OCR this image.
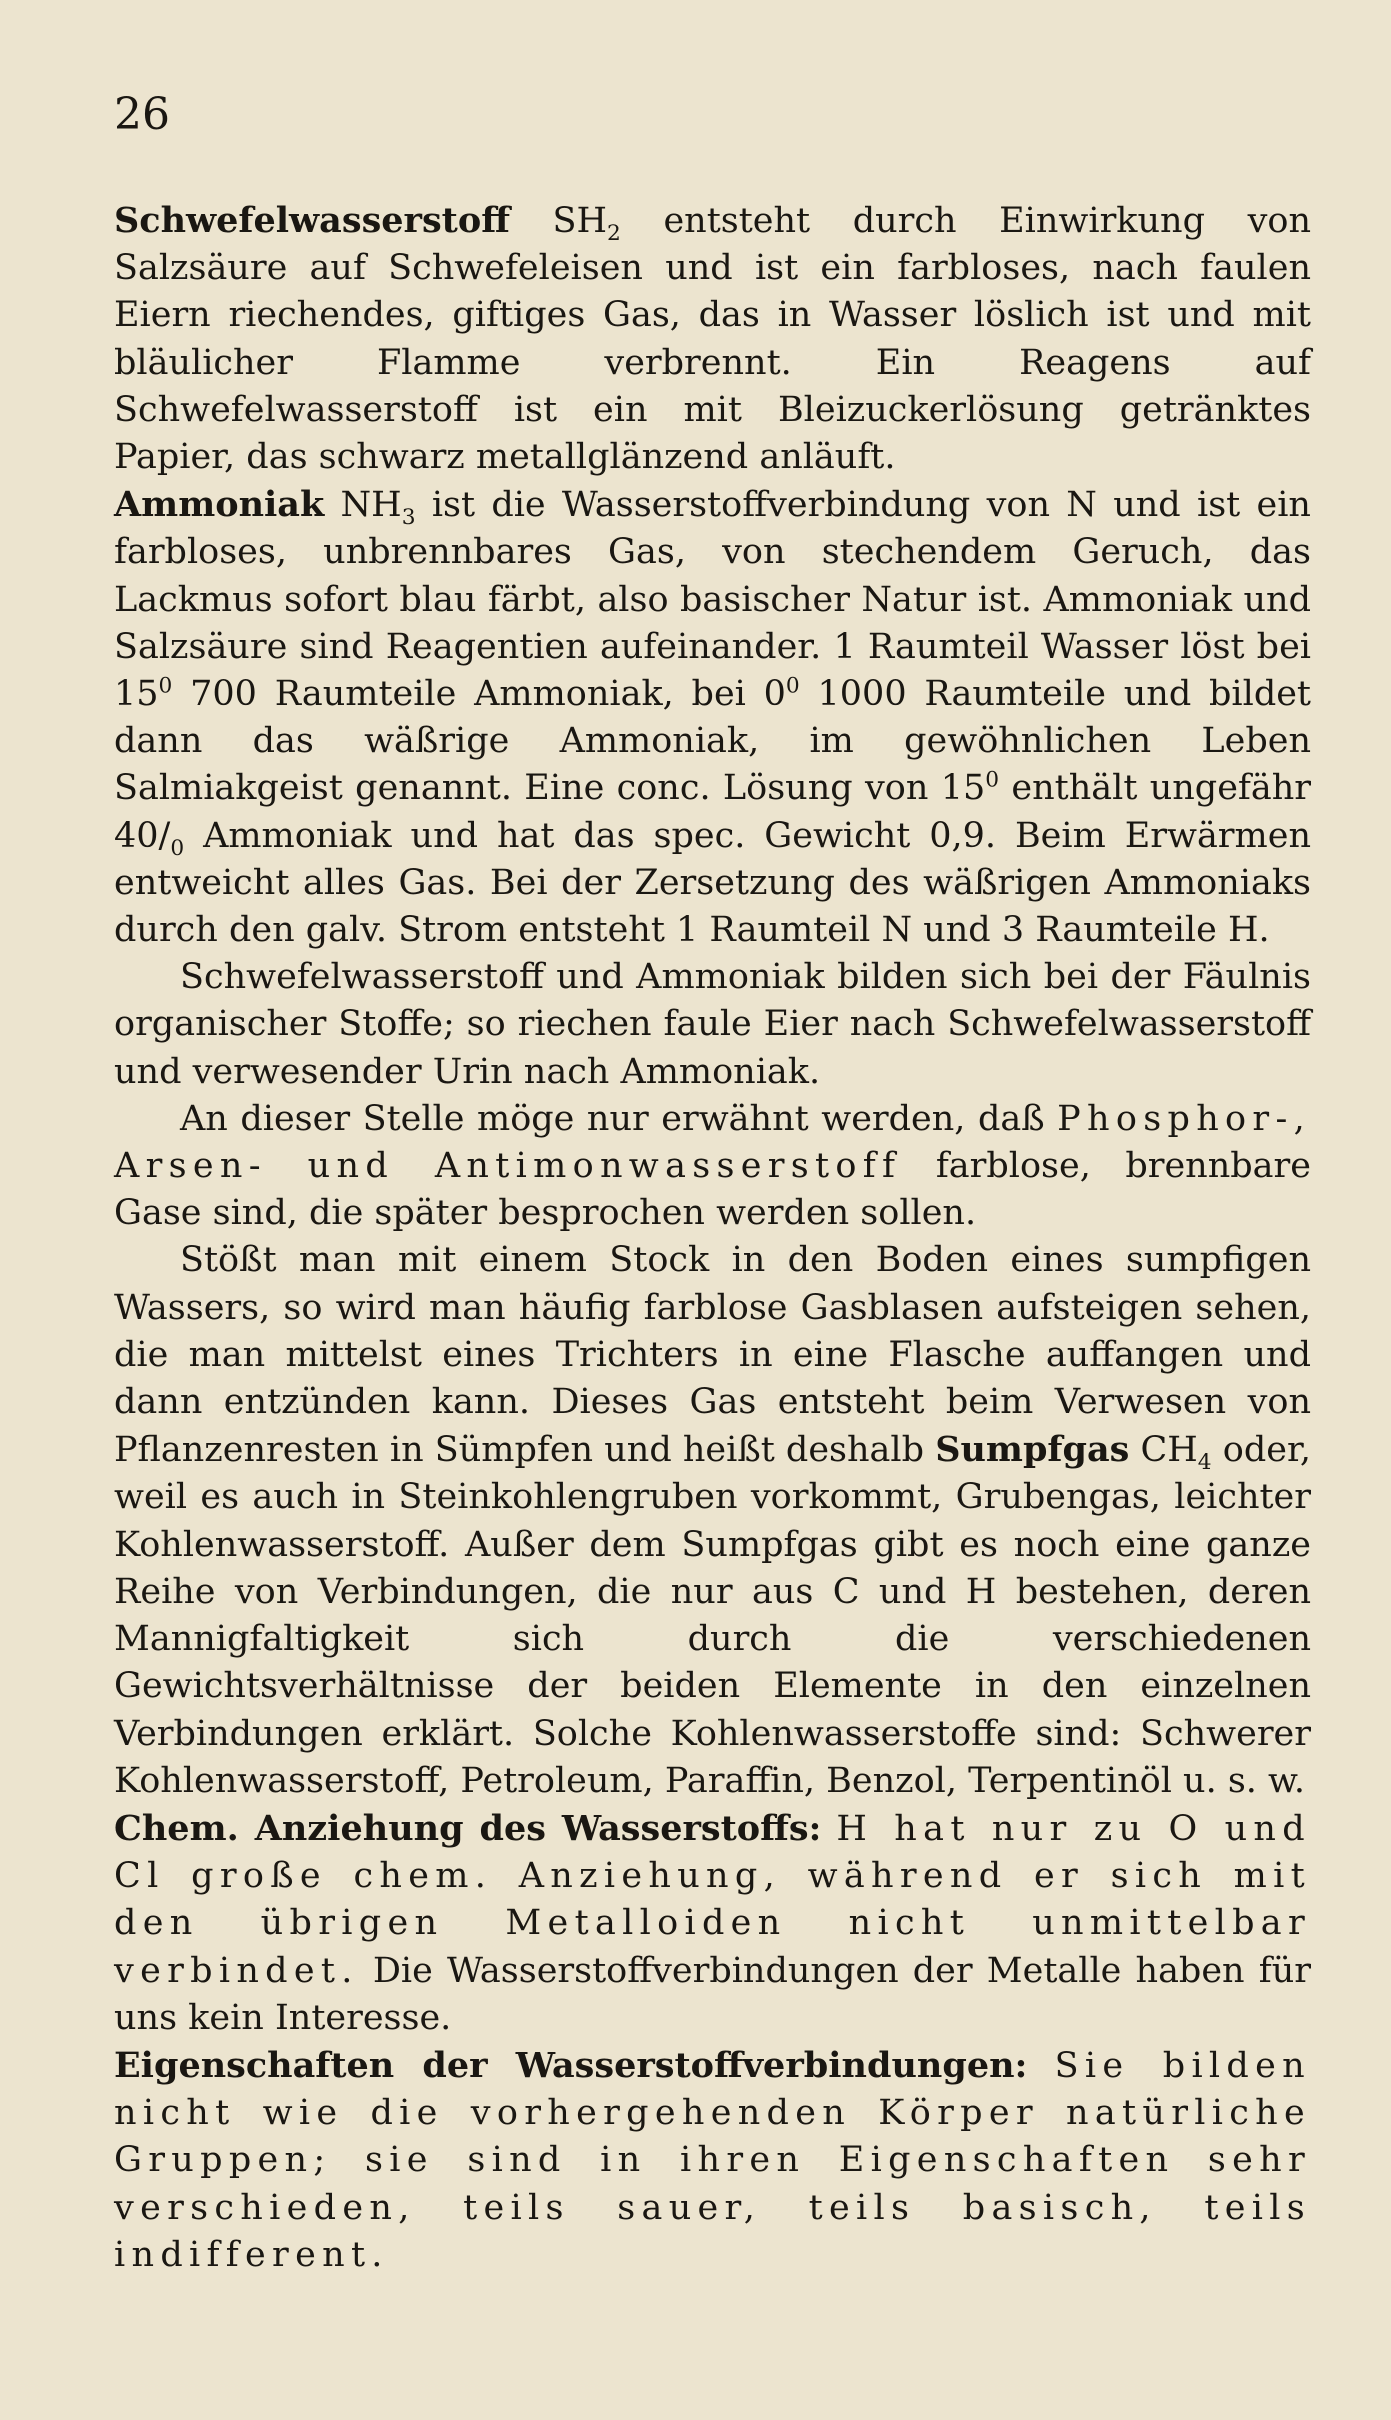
26

Schwefelwasserstoff $SH_2$ entsteht durch Einwirkung von Salzsäure auf Schwefeleisen und ist ein farbloses, nach faulen Eiern riechendes, giftiges Gas, das in Wasser löslich ist und mit bläulicher Flamme verbrennt. Ein Reagens auf Schwefelwasserstoff ist ein mit Bleizuckerlösung getränktes Papier, das schwarz metallglänzend anläuft.

Ammoniak $NH_3$ ist die Wasserstoffverbindung von N und ist ein farbloses, unbrennbares Gas, von stechendem Geruch, das Lackmus sofort blau färbt, also basischer Natur ist. Ammoniak und Salzsäure sind Reagentien aufeinander. 1 Raumteil Wasser löst bei $15^0$ 700 Raumteile Ammoniak, bei $0^0$ 1000 Raumteile und bildet dann das wäßrige Ammoniak, im gewöhnlichen Leben Salmiakgeist genannt. Eine conc. Lösung von $15^0$ enthält ungefähr $40/_0$ Ammoniak und hat das spec. Gewicht 0,9. Beim Erwärmen entweicht alles Gas. Bei der Zersetzung des wäßrigen Ammoniaks durch den galv. Strom entsteht 1 Raumteil N und 3 Raumteile H.

Schwefelwasserstoff und Ammoniak bilden sich bei der Fäulnis organischer Stoffe; so riechen faule Eier nach Schwefelwasserstoff und verwesender Urin nach Ammoniak.

An dieser Stelle möge nur erwähnt werden, daß Phosphor-, Arsen- und Antimonwasserstoff farblose, brennbare Gase sind, die später besprochen werden sollen.

Stößt man mit einem Stock in den Boden eines sumpfigen Wassers, so wird man häufig farblose Gasblasen aufsteigen sehen, die man mittelst eines Trichters in eine Flasche auffangen und dann entzünden kann. Dieses Gas entsteht beim Verwesen von Pflanzenresten in Sümpfen und heißt deshalb Sumpfgas $CH_4$ oder, weil es auch in Steinkohlengruben vorkommt, Grubengas, leichter Kohlenwasserstoff. Außer dem Sumpfgas gibt es noch eine ganze Reihe von Verbindungen, die nur aus C und H bestehen, deren Mannigfaltigkeit sich durch die verschiedenen Gewichtsverhältnisse der beiden Elemente in den einzelnen Verbindungen erklärt. Solche Kohlenwasserstoffe sind: Schwerer Kohlenwasserstoff, Petroleum, Paraffin, Benzol, Terpentinöl u. s. w.

Chem. Anziehung des Wasserstoffs: H hat nur zu O und Cl große chem. Anziehung, während er sich mit den übrigen Metalloiden nicht unmittelbar verbindet. Die Wasserstoffverbindungen der Metalle haben für uns kein Interesse.

Eigenschaften der Wasserstoffverbindungen: Sie bilden nicht wie die vorhergehenden Körper natürliche Gruppen; sie sind in ihren Eigenschaften sehr verschieden, teils sauer, teils basisch, teils indifferent.
